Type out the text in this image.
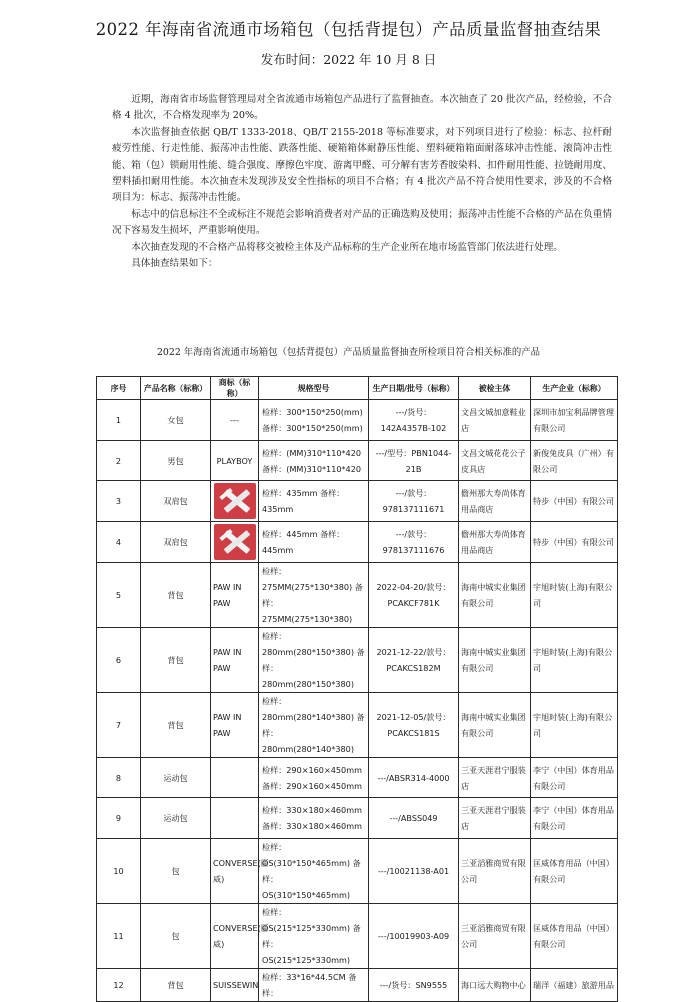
2022 年海南省流通市场箱包（包括背提包）产品质量监督抽查结果
发布时间：2022 年 10 月 8 日

近期，海南省市场监督管理局对全省流通市场箱包产品进行了监督抽查。本次抽查了 20 批次产品，经检验，不合格 4 批次，不合格发现率为 20%。

本次监督抽查依据 QB/T 1333-2018、QB/T 2155-2018 等标准要求，对下列项目进行了检验：标志、拉杆耐疲劳性能、行走性能、振荡冲击性能、跌落性能、硬箱箱体耐静压性能、塑料硬箱箱面耐落球冲击性能、滚筒冲击性能、箱（包）锁耐用性能、缝合强度、摩擦色牢度、游离甲醛、可分解有害芳香胺染料、扣件耐用性能、拉链耐用度、塑料插扣耐用性能。本次抽查未发现涉及安全性指标的项目不合格；有 4 批次产品不符合使用性要求，涉及的不合格项目为：标志、振荡冲击性能。

标志中的信息标注不全或标注不规范会影响消费者对产品的正确选购及使用；振荡冲击性能不合格的产品在负重情况下容易发生损坏，严重影响使用。

本次抽查发现的不合格产品将移交被检主体及产品标称的生产企业所在地市场监管部门依法进行处理。

具体抽查结果如下：

2022 年海南省流通市场箱包（包括背提包）产品质量监督抽查所检项目符合相关标准的产品
序号	产品名称（标称）	商标（标称）	规格型号	生产日期/批号（标称）	被检主体	生产企业（标称）
1	女包	---	检样：300*150*250(mm) 备样：300*150*250(mm)	---/货号：142A4357B-102	文昌文城加意鞋业店	深圳市加宝利品牌管理有限公司
2	男包	PLAYBOY	检样：(MM)310*110*420 备样：(MM)310*110*420	---/型号：PBN1044-21B	文昌文城花花公子皮具店	新俊兔皮具（广州）有限公司
3	双肩包		检样：435mm 备样：435mm	---/款号：978137111671	儋州那大寿尚体育用品商店	特步（中国）有限公司
4	双肩包		检样：445mm 备样：445mm	---/款号：978137111676	儋州那大寿尚体育用品商店	特步（中国）有限公司
5	背包	PAW IN PAW	检样：275MM(275*130*380) 备样：275MM(275*130*380)	2022-04-20/款号：PCAKCF781K	海南中城实业集团有限公司	宇旭时装(上海)有限公司
6	背包	PAW IN PAW	检样：280mm(280*150*380) 备样：280mm(280*150*380)	2021-12-22/款号：PCAKCS182M	海南中城实业集团有限公司	宇旭时装(上海)有限公司
7	背包	PAW IN PAW	检样：280mm(280*140*380) 备样：280mm(280*140*380)	2021-12-05/款号：PCAKCS181S	海南中城实业集团有限公司	宇旭时装(上海)有限公司
8	运动包		检样：290×160×450mm 备样：290×160×450mm	---/ABSR314-4000	三亚天涯君宁服装店	李宁（中国）体育用品有限公司
9	运动包		检样：330×180×460mm 备样：330×180×460mm	---/ABSS049	三亚天涯君宁服装店	李宁（中国）体育用品有限公司
10	包	CONVERSE(匡威)	检样：OS(310*150*465mm) 备样：OS(310*150*465mm)	---/10021138-A01	三亚滔雅商贸有限公司	匡威体育用品（中国）有限公司
11	包	CONVERSE(匡威)	检样：OS(215*125*330mm) 备样：OS(215*125*330mm)	---/10019903-A09	三亚滔雅商贸有限公司	匡威体育用品（中国）有限公司
12	背包	SUISSEWIN	检样：33*16*44.5CM 备样：	---/货号：SN9555	海口远大购物中心	瑞洋（福建）旅游用品
